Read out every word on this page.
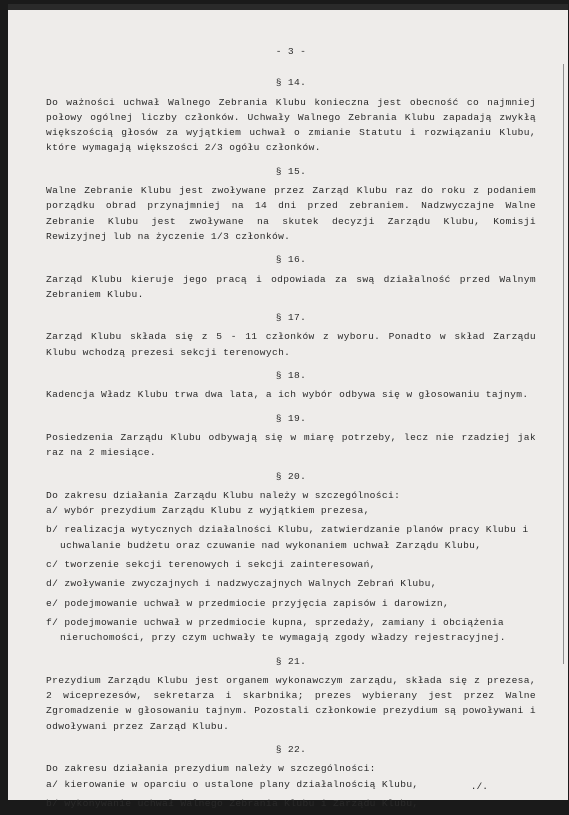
- 3 -
§ 14.

Do ważności uchwał Walnego Zebrania Klubu konieczna jest obecność co najmniej połowy ogólnej liczby członków. Uchwały Walnego Zebrania Klubu zapadają zwykłą większością głosów za wyjątkiem uchwał o zmianie Statutu i rozwiązaniu Klubu, które wymagają większości 2/3 ogółu członków.

§ 15.

Walne Zebranie Klubu jest zwoływane przez Zarząd Klubu raz do roku z podaniem porządku obrad przynajmniej na 14 dni przed zebraniem. Nadzwyczajne Walne Zebranie Klubu jest zwoływane na skutek decyzji Zarządu Klubu, Komisji Rewizyjnej lub na życzenie 1/3 członków.

§ 16.

Zarząd Klubu kieruje jego pracą i odpowiada za swą działalność przed Walnym Zebraniem Klubu.

§ 17.

Zarząd Klubu składa się z 5 - 11 członków z wyboru. Ponadto w skład Zarządu Klubu wchodzą prezesi sekcji terenowych.

§ 18.

Kadencja Władz Klubu trwa dwa lata, a ich wybór odbywa się w głosowaniu tajnym.

§ 19.

Posiedzenia Zarządu Klubu odbywają się w miarę potrzeby, lecz nie rzadziej jak raz na 2 miesiące.

§ 20.

Do zakresu działania Zarządu Klubu należy w szczególności:

a/ wybór prezydium Zarządu Klubu z wyjątkiem prezesa,
b/ realizacja wytycznych działalności Klubu, zatwierdzanie planów pracy Klubu i uchwalanie budżetu oraz czuwanie nad wykonaniem uchwał Zarządu Klubu,
c/ tworzenie sekcji terenowych i sekcji zainteresowań,
d/ zwoływanie zwyczajnych i nadzwyczajnych Walnych Zebrań Klubu,
e/ podejmowanie uchwał w przedmiocie przyjęcia zapisów i darowizn,
f/ podejmowanie uchwał w przedmiocie kupna, sprzedaży, zamiany i obciążenia nieruchomości, przy czym uchwały te wymagają zgody władzy rejestracyjnej.
§ 21.

Prezydium Zarządu Klubu jest organem wykonawczym zarządu, składa się z prezesa, 2 wiceprezesów, sekretarza i skarbnika; prezes wybierany jest przez Walne Zgromadzenie w głosowaniu tajnym. Pozostali członkowie prezydium są powoływani i odwoływani przez Zarząd Klubu.

§ 22.

Do zakresu działania prezydium należy w szczególności:

a/ kierowanie w oparciu o ustalone plany działalnością Klubu,
b/ wykonywanie uchwał Walnego Zebrania Klubu i Zarządu Klubu,
./.
